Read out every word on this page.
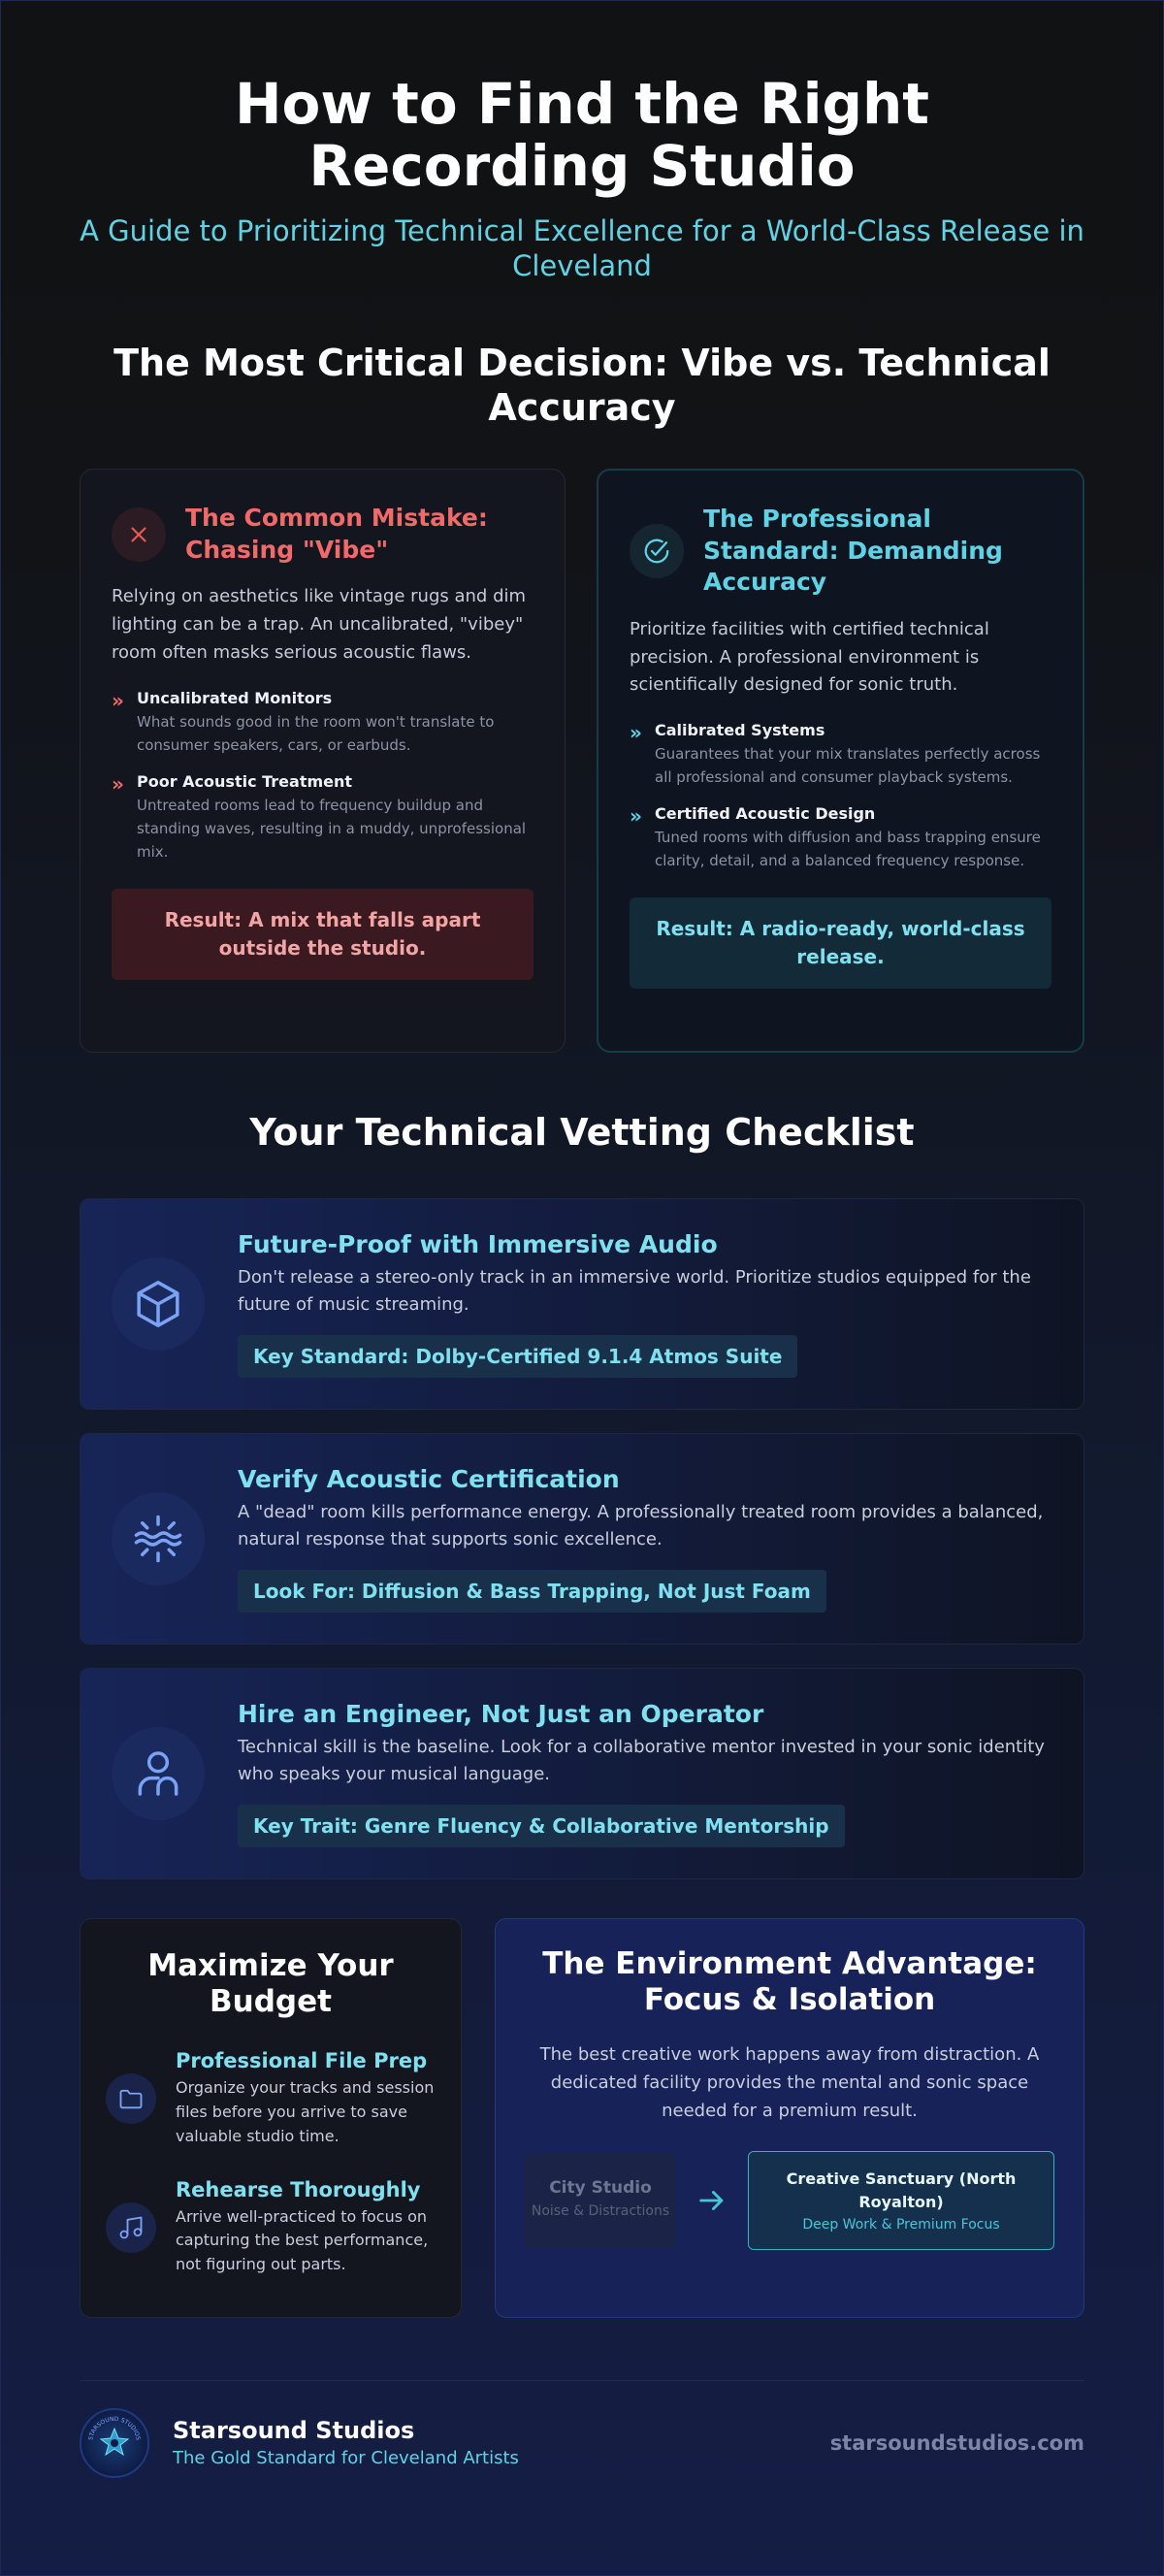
How to Find the Right Recording Studio

A Guide to Prioritizing Technical Excellence for a World-Class Release in Cleveland

The Most Critical Decision: Vibe vs. Technical Accuracy
The Common Mistake: Chasing "Vibe"

Relying on aesthetics like vintage rugs and dim lighting can be a trap. An uncalibrated, "vibey" room often masks serious acoustic flaws.

» Uncalibrated Monitors
What sounds good in the room won't translate to consumer speakers, cars, or earbuds.
» Poor Acoustic Treatment
Untreated rooms lead to frequency buildup and standing waves, resulting in a muddy, unprofessional mix.
Result: A mix that falls apart outside the studio.
The Professional Standard: Demanding Accuracy

Prioritize facilities with certified technical precision. A professional environment is scientifically designed for sonic truth.

» Calibrated Systems
Guarantees that your mix translates perfectly across all professional and consumer playback systems.
» Certified Acoustic Design
Tuned rooms with diffusion and bass trapping ensure clarity, detail, and a balanced frequency response.
Result: A radio-ready, world-class release.
Your Technical Vetting Checklist
Future-Proof with Immersive Audio

Don't release a stereo-only track in an immersive world. Prioritize studios equipped for the future of music streaming.

Key Standard: Dolby-Certified 9.1.4 Atmos Suite
Verify Acoustic Certification

A "dead" room kills performance energy. A professionally treated room provides a balanced, natural response that supports sonic excellence.

Look For: Diffusion & Bass Trapping, Not Just Foam
Hire an Engineer, Not Just an Operator

Technical skill is the baseline. Look for a collaborative mentor invested in your sonic identity who speaks your musical language.

Key Trait: Genre Fluency & Collaborative Mentorship
Maximize Your Budget
Professional File Prep
Organize your tracks and session files before you arrive to save valuable studio time.
Rehearse Thoroughly
Arrive well-practiced to focus on capturing the best performance, not figuring out parts.
The Environment Advantage: Focus & Isolation

The best creative work happens away from distraction. A dedicated facility provides the mental and sonic space needed for a premium result.

City Studio
Noise & Distractions
Creative Sanctuary (North Royalton)
Deep Work & Premium Focus
STARSOUND STUDIOS Starsound Studios
The Gold Standard for Cleveland Artists
starsoundstudios.com
